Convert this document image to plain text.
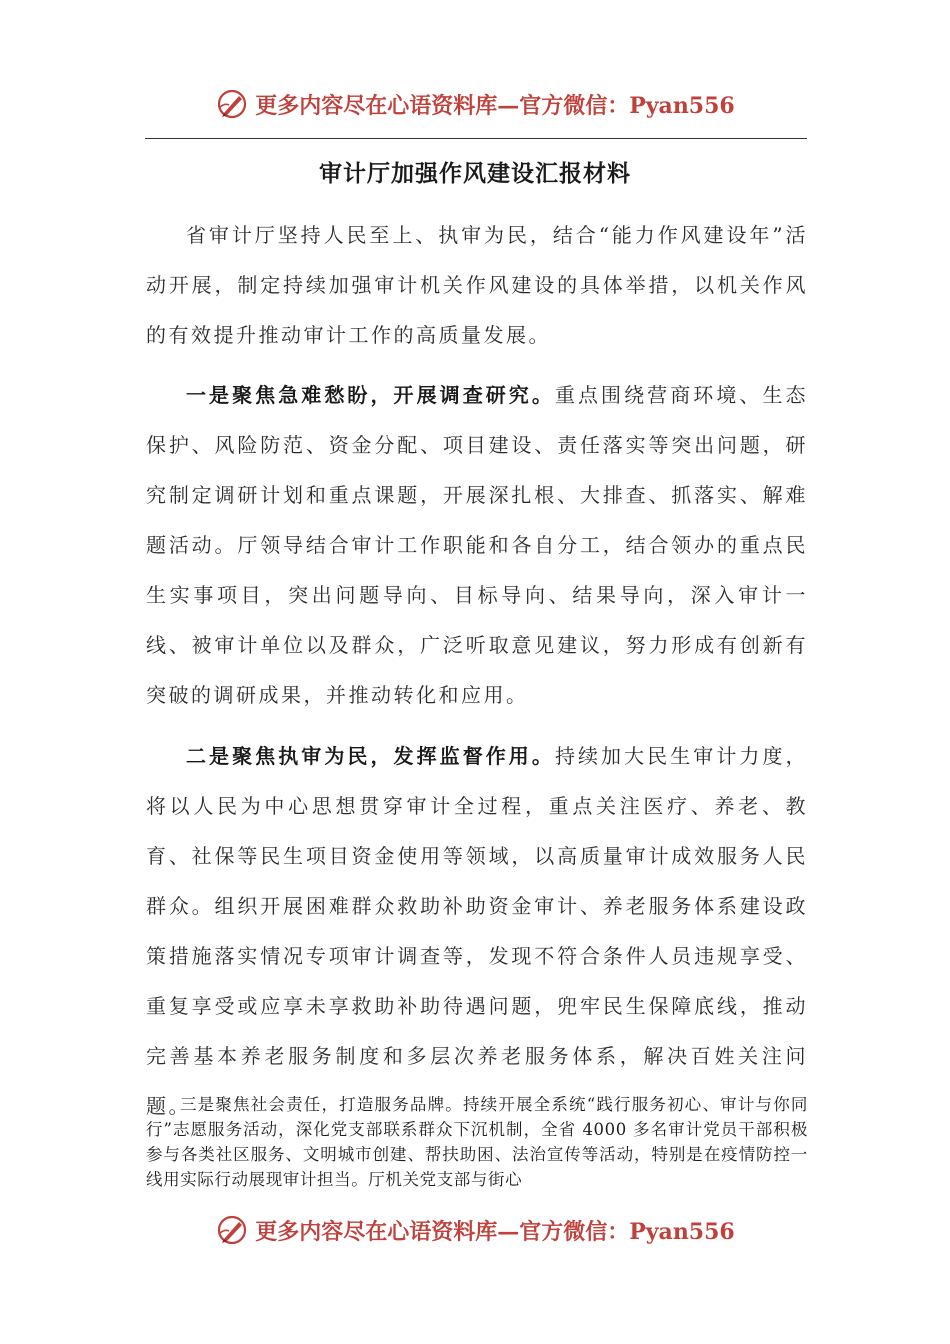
更多内容尽在心语资料库—官方微信：Pyan556
审计厅加强作风建设汇报材料

省审计厅坚持人民至上、执审为民，结合“能力作风建设年”活动开展，制定持续加强审计机关作风建设的具体举措，以机关作风的有效提升推动审计工作的高质量发展。

一是聚焦急难愁盼，开展调查研究。重点围绕营商环境、生态保护、风险防范、资金分配、项目建设、责任落实等突出问题，研究制定调研计划和重点课题，开展深扎根、大排查、抓落实、解难题活动。厅领导结合审计工作职能和各自分工，结合领办的重点民生实事项目，突出问题导向、目标导向、结果导向，深入审计一线、被审计单位以及群众，广泛听取意见建议，努力形成有创新有突破的调研成果，并推动转化和应用。

二是聚焦执审为民，发挥监督作用。持续加大民生审计力度，将以人民为中心思想贯穿审计全过程，重点关注医疗、养老、教育、社保等民生项目资金使用等领域，以高质量审计成效服务人民群众。组织开展困难群众救助补助资金审计、养老服务体系建设政策措施落实情况专项审计调查等，发现不符合条件人员违规享受、重复享受或应享未享救助补助待遇问题，兜牢民生保障底线，推动完善基本养老服务制度和多层次养老服务体系，解决百姓关注问题。

三是聚焦社会责任，打造服务品牌。持续开展全系统“践行服务初心、审计与你同行”志愿服务活动，深化党支部联系群众下沉机制，全省 4000 多名审计党员干部积极参与各类社区服务、文明城市创建、帮扶助困、法治宣传等活动，特别是在疫情防控一线用实际行动展现审计担当。厅机关党支部与街心

更多内容尽在心语资料库—官方微信：Pyan556
